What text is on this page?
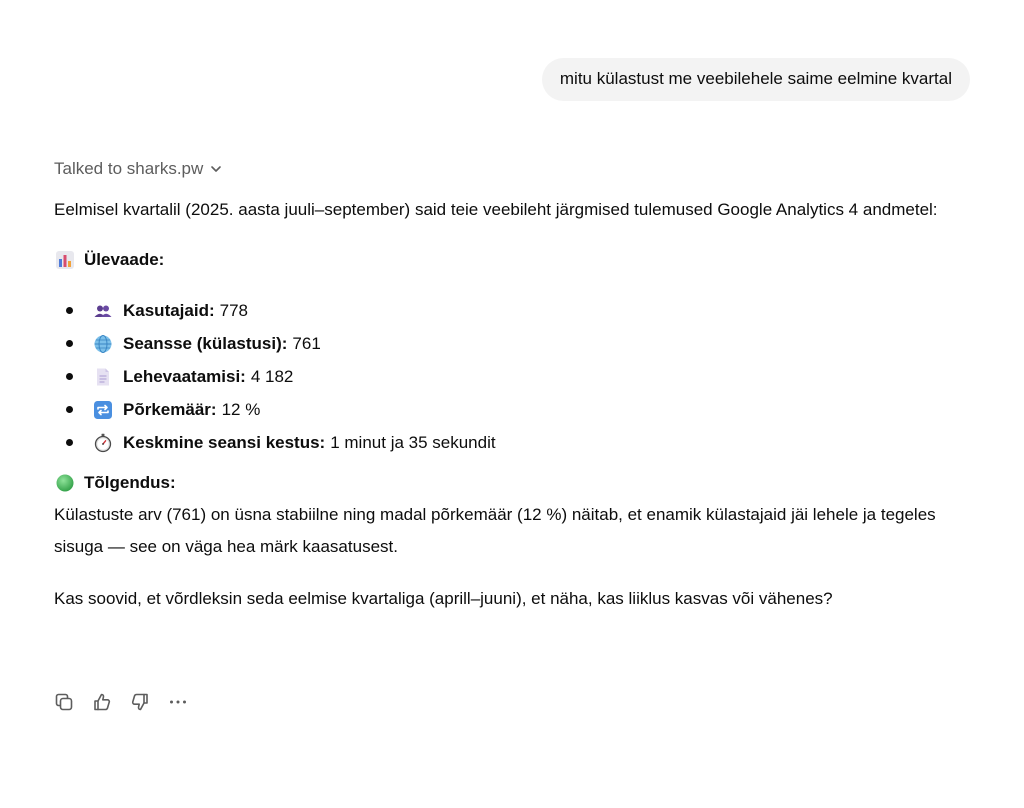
mitu külastust me veebilehele saime eelmine kvartal
Talked to sharks.pw

Eelmisel kvartalil (2025. aasta juuli–september) said teie veebileht järgmised tulemused Google Analytics 4 andmetel:

Ülevaade:
Kasutajaid: 778
Seansse (külastusi): 761
Lehevaatamisi: 4 182
Põrkemäär: 12 %
Keskmine seansi kestus: 1 minut ja 35 sekundit
Tõlgendus:

Külastuste arv (761) on üsna stabiilne ning madal põrkemäär (12 %) näitab, et enamik külastajaid jäi lehele ja tegeles sisuga — see on väga hea märk kaasatusest.

Kas soovid, et võrdleksin seda eelmise kvartaliga (aprill–juuni), et näha, kas liiklus kasvas või vähenes?
